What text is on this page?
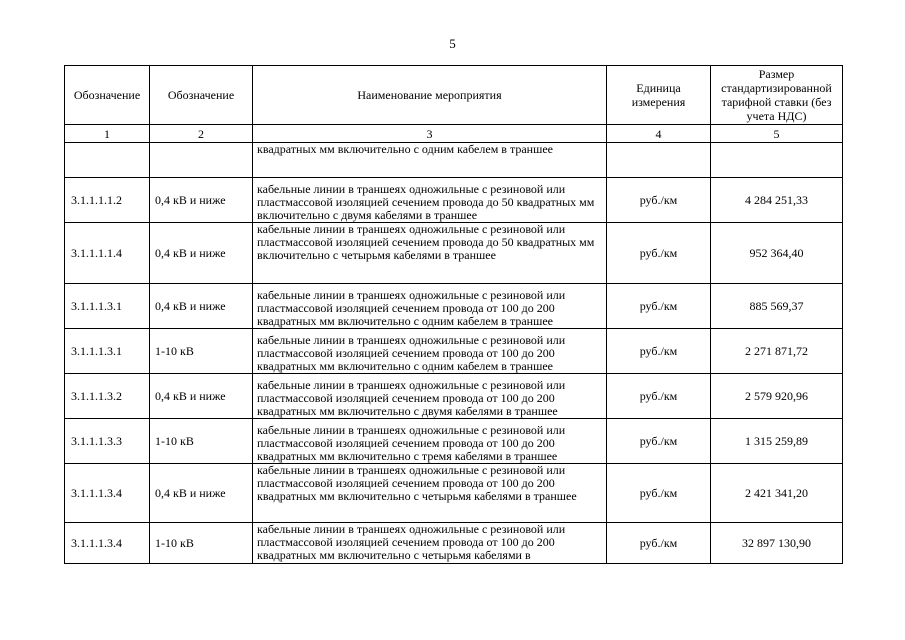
5
Обозначение	Обозначение	Наименование мероприятия	Единица измерения	Размер стандартизированной тарифной ставки (без учета НДС)
1	2	3	4	5
		квадратных мм включительно с одним кабелем в траншее		
3.1.1.1.1.2	0,4 кВ и ниже	кабельные линии в траншеях одножильные с резиновой или пластмассовой изоляцией сечением провода до 50 квадратных мм включительно с двумя кабелями в траншее	руб./км	4 284 251,33
3.1.1.1.1.4	0,4 кВ и ниже	кабельные линии в траншеях одножильные с резиновой или пластмассовой изоляцией сечением провода до 50 квадратных мм включительно с четырьмя кабелями в траншее	руб./км	952 364,40
3.1.1.1.3.1	0,4 кВ и ниже	кабельные линии в траншеях одножильные с резиновой или пластмассовой изоляцией сечением провода от 100 до 200 квадратных мм включительно с одним кабелем в траншее	руб./км	885 569,37
3.1.1.1.3.1	1-10 кВ	кабельные линии в траншеях одножильные с резиновой или пластмассовой изоляцией сечением провода от 100 до 200 квадратных мм включительно с одним кабелем в траншее	руб./км	2 271 871,72
3.1.1.1.3.2	0,4 кВ и ниже	кабельные линии в траншеях одножильные с резиновой или пластмассовой изоляцией сечением провода от 100 до 200 квадратных мм включительно с двумя кабелями в траншее	руб./км	2 579 920,96
3.1.1.1.3.3	1-10 кВ	кабельные линии в траншеях одножильные с резиновой или пластмассовой изоляцией сечением провода от 100 до 200 квадратных мм включительно с тремя кабелями в траншее	руб./км	1 315 259,89
3.1.1.1.3.4	0,4 кВ и ниже	кабельные линии в траншеях одножильные с резиновой или пластмассовой изоляцией сечением провода от 100 до 200 квадратных мм включительно с четырьмя кабелями в траншее	руб./км	2 421 341,20
3.1.1.1.3.4	1-10 кВ	кабельные линии в траншеях одножильные с резиновой или пластмассовой изоляцией сечением провода от 100 до 200 квадратных мм включительно с четырьмя кабелями в	руб./км	32 897 130,90
